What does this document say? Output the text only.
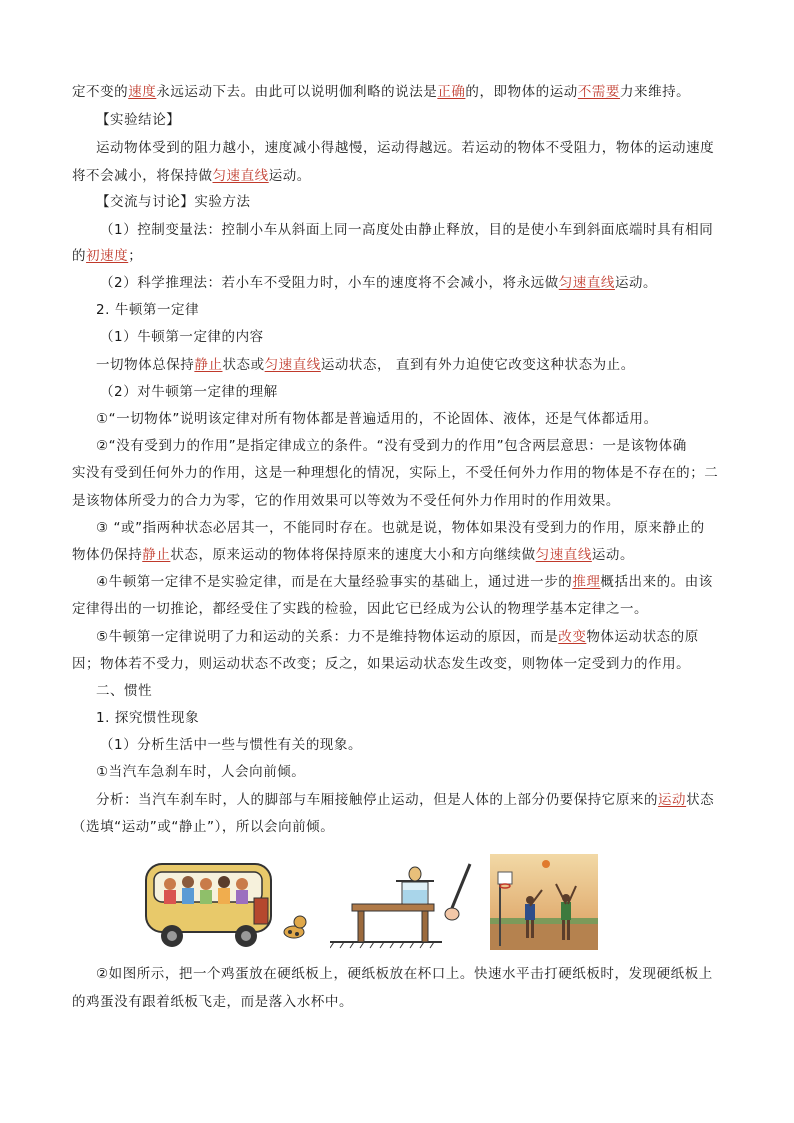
定不变的速度永远运动下去。由此可以说明伽利略的说法是正确的，即物体的运动不需要力来维持。
【实验结论】
运动物体受到的阻力越小，速度减小得越慢，运动得越远。若运动的物体不受阻力，物体的运动速度
将不会减小，将保持做匀速直线运动。
【交流与讨论】实验方法
（1）控制变量法：控制小车从斜面上同一高度处由静止释放，目的是使小车到斜面底端时具有相同
的初速度；
（2）科学推理法：若小车不受阻力时，小车的速度将不会减小，将永远做匀速直线运动。
2. 牛顿第一定律
（1）牛顿第一定律的内容
一切物体总保持静止状态或匀速直线运动状态， 直到有外力迫使它改变这种状态为止。
（2）对牛顿第一定律的理解
①“一切物体”说明该定律对所有物体都是普遍适用的，不论固体、液体，还是气体都适用。
②“没有受到力的作用”是指定律成立的条件。“没有受到力的作用”包含两层意思：一是该物体确
实没有受到任何外力的作用，这是一种理想化的情况，实际上，不受任何外力作用的物体是不存在的；二
是该物体所受力的合力为零，它的作用效果可以等效为不受任何外力作用时的作用效果。
③ “或”指两种状态必居其一，不能同时存在。也就是说，物体如果没有受到力的作用，原来静止的
物体仍保持静止状态，原来运动的物体将保持原来的速度大小和方向继续做匀速直线运动。
④牛顿第一定律不是实验定律，而是在大量经验事实的基础上，通过进一步的推理概括出来的。由该
定律得出的一切推论，都经受住了实践的检验，因此它已经成为公认的物理学基本定律之一。
⑤牛顿第一定律说明了力和运动的关系：力不是维持物体运动的原因，而是改变物体运动状态的原
因；物体若不受力，则运动状态不改变；反之，如果运动状态发生改变，则物体一定受到力的作用。
二、惯性
1. 探究惯性现象
（1）分析生活中一些与惯性有关的现象。
①当汽车急刹车时，人会向前倾。
分析：当汽车刹车时，人的脚部与车厢接触停止运动，但是人体的上部分仍要保持它原来的运动状态
（选填“运动”或“静止”），所以会向前倾。
②如图所示，把一个鸡蛋放在硬纸板上，硬纸板放在杯口上。快速水平击打硬纸板时，发现硬纸板上
的鸡蛋没有跟着纸板飞走，而是落入水杯中。
